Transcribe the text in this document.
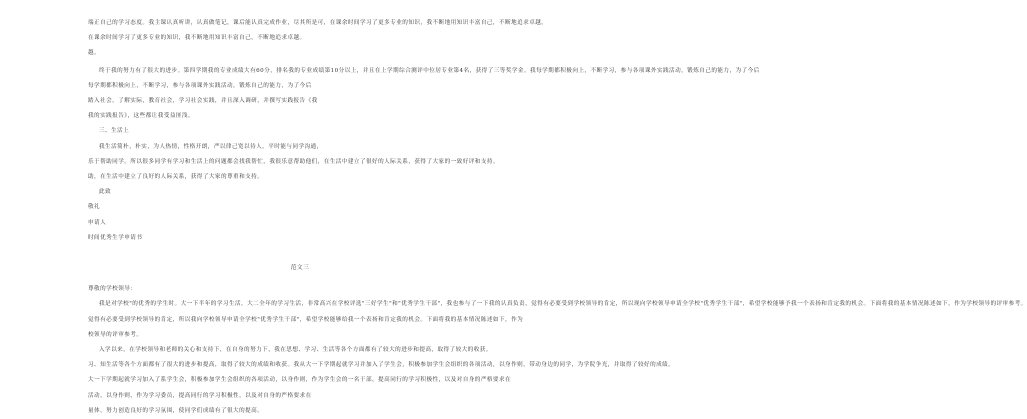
端正自己的学习态度。我主课认真听讲，认真做笔记，课后能认真完成作业，尽其所是可，在课余时间学习了更多专业的知识，我不断地用知识丰富自己，不断地追求卓越。

在课余时间学习了更多专业的知识，我不断地用知识丰富自己，不断地追求卓越。

越。

终于我的努力有了很大的进步。第四学期我的专业成绩大有60分，排名我的专业成绩第10分以上，并且在上学期综合测评中位居专业第4名，获得了三等奖学金。我每学期都积极向上，不断学习，参与各项课外实践活动，锻炼自己的能力，为了今后

每学期都积极向上，不断学习，参与各项课外实践活动，锻炼自己的能力，为了今后

踏入社会，了解实际，教育社会，学习社会实践，并且深入调研，并撰写实践报告《我

我的实践报告》，这些都让我受益匪浅。

三、生活上

我生活简朴，朴实，为人热情，性格开朗，严以律己宽以待人，平时能与同学沟通，

乐于帮助同学。所以很多同学有学习和生活上的问题都会找我帮忙，我很乐意帮助他们，在生活中建立了很好的人际关系，获得了大家的一致好评和支持。

助，在生活中建立了良好的人际关系，获得了大家的尊重和支持。

此致

敬礼

申请人

时间优秀生学申请书

范文三

尊敬的学校领导：

我是对学校"的优秀的学生时。大一下半年的学习生活，大二全年的学习生活，非常高兴在学校评选"三好学生"和"优秀学生干部"，我也参与了一下我的认真负责，觉得有必要受到学校领导的肯定，所以现向学校领导申请全学校"优秀学生干部"，希望学校能够予我一个表扬和肯定我的机会。下面将我的基本情况陈述如下，作为学校领导的评审参考。

觉得有必要受到学校领导的肯定，所以我向学校领导申请全学校"优秀学生干部"，希望学校能够给我一个表扬和肯定我的机会。下面将我的基本情况陈述如下，作为

校领导的评审参考。

入学以来，在学校领导和老师的关心和支持下，在自身的努力下，我在思想、学习、生活等各个方面都有了较大的进步和提高，取得了较大的收获。

习、知生活等各个方面都有了很大的进步和提高，取得了较大的成绩和收获。我从大一下学期起就学习并加入了学生会，积极参加学生会组织的各项活动，以身作则，带动身边的同学，为学院争光，并取得了较好的成绩。

大一下学期起就学习加入了系学生会，积极参加学生会组织的各项活动，以身作则，作为学生会的一名干部，提高同行的学习积极性，以及对自身的严格要求在

活动，以身作则，作为学习委员，提高同行的学习积极性，以及对自身的严格要求在

量体，努力创造良好的学习氛围，使同学们成绩有了很大的提高。
